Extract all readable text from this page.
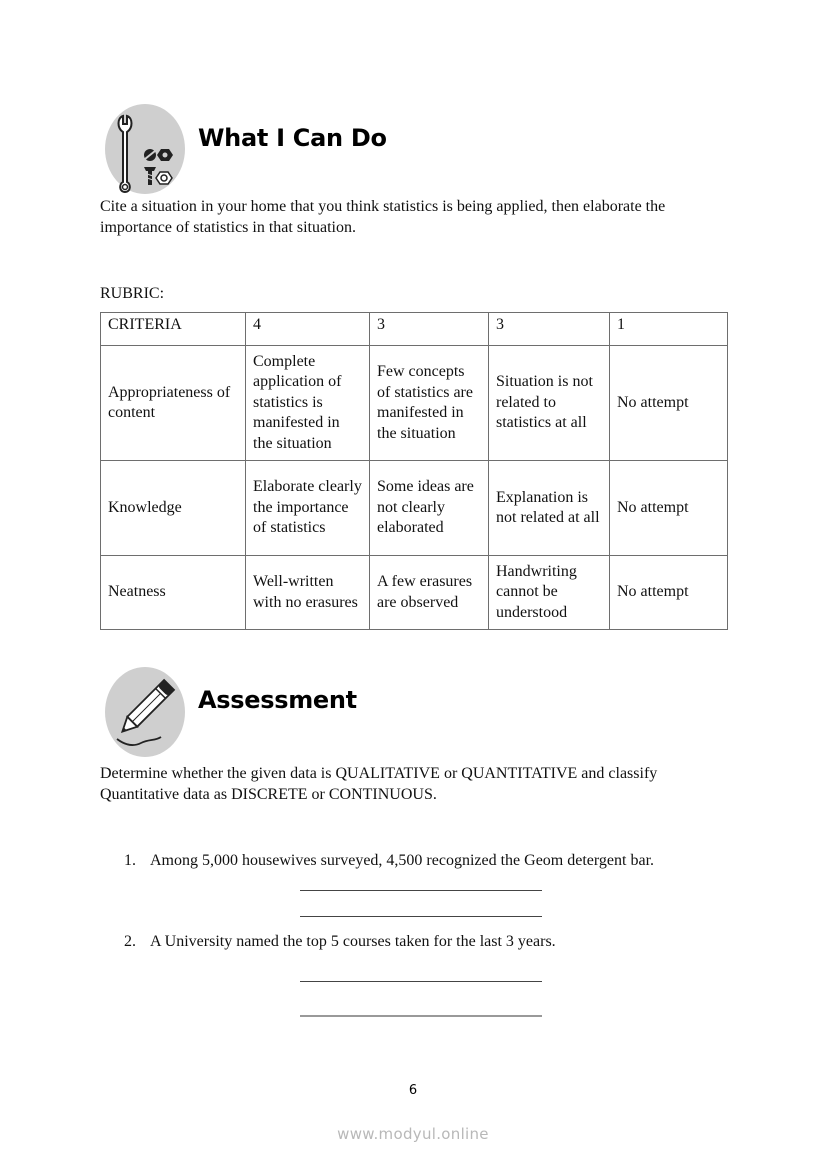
What I Can Do
Cite a situation in your home that you think statistics is being applied, then elaborate the
importance of statistics in that situation.
RUBRIC:
CRITERIA	4	3	3	1
Appropriateness of content	Complete application of statistics is manifested in the situation	Few concepts of statistics are manifested in the situation	Situation is not related to statistics at all	No attempt
Knowledge	Elaborate clearly the importance of statistics	Some ideas are not clearly elaborated	Explanation is not related at all	No attempt
Neatness	Well-written with no erasures	A few erasures are observed	Handwriting cannot be understood	No attempt
Assessment
Determine whether the given data is QUALITATIVE or QUANTITATIVE and classify
Quantitative data as DISCRETE or CONTINUOUS.
1. Among 5,000 housewives surveyed, 4,500 recognized the Geom detergent bar.
2. A University named the top 5 courses taken for the last 3 years.
6
www.modyul.online
